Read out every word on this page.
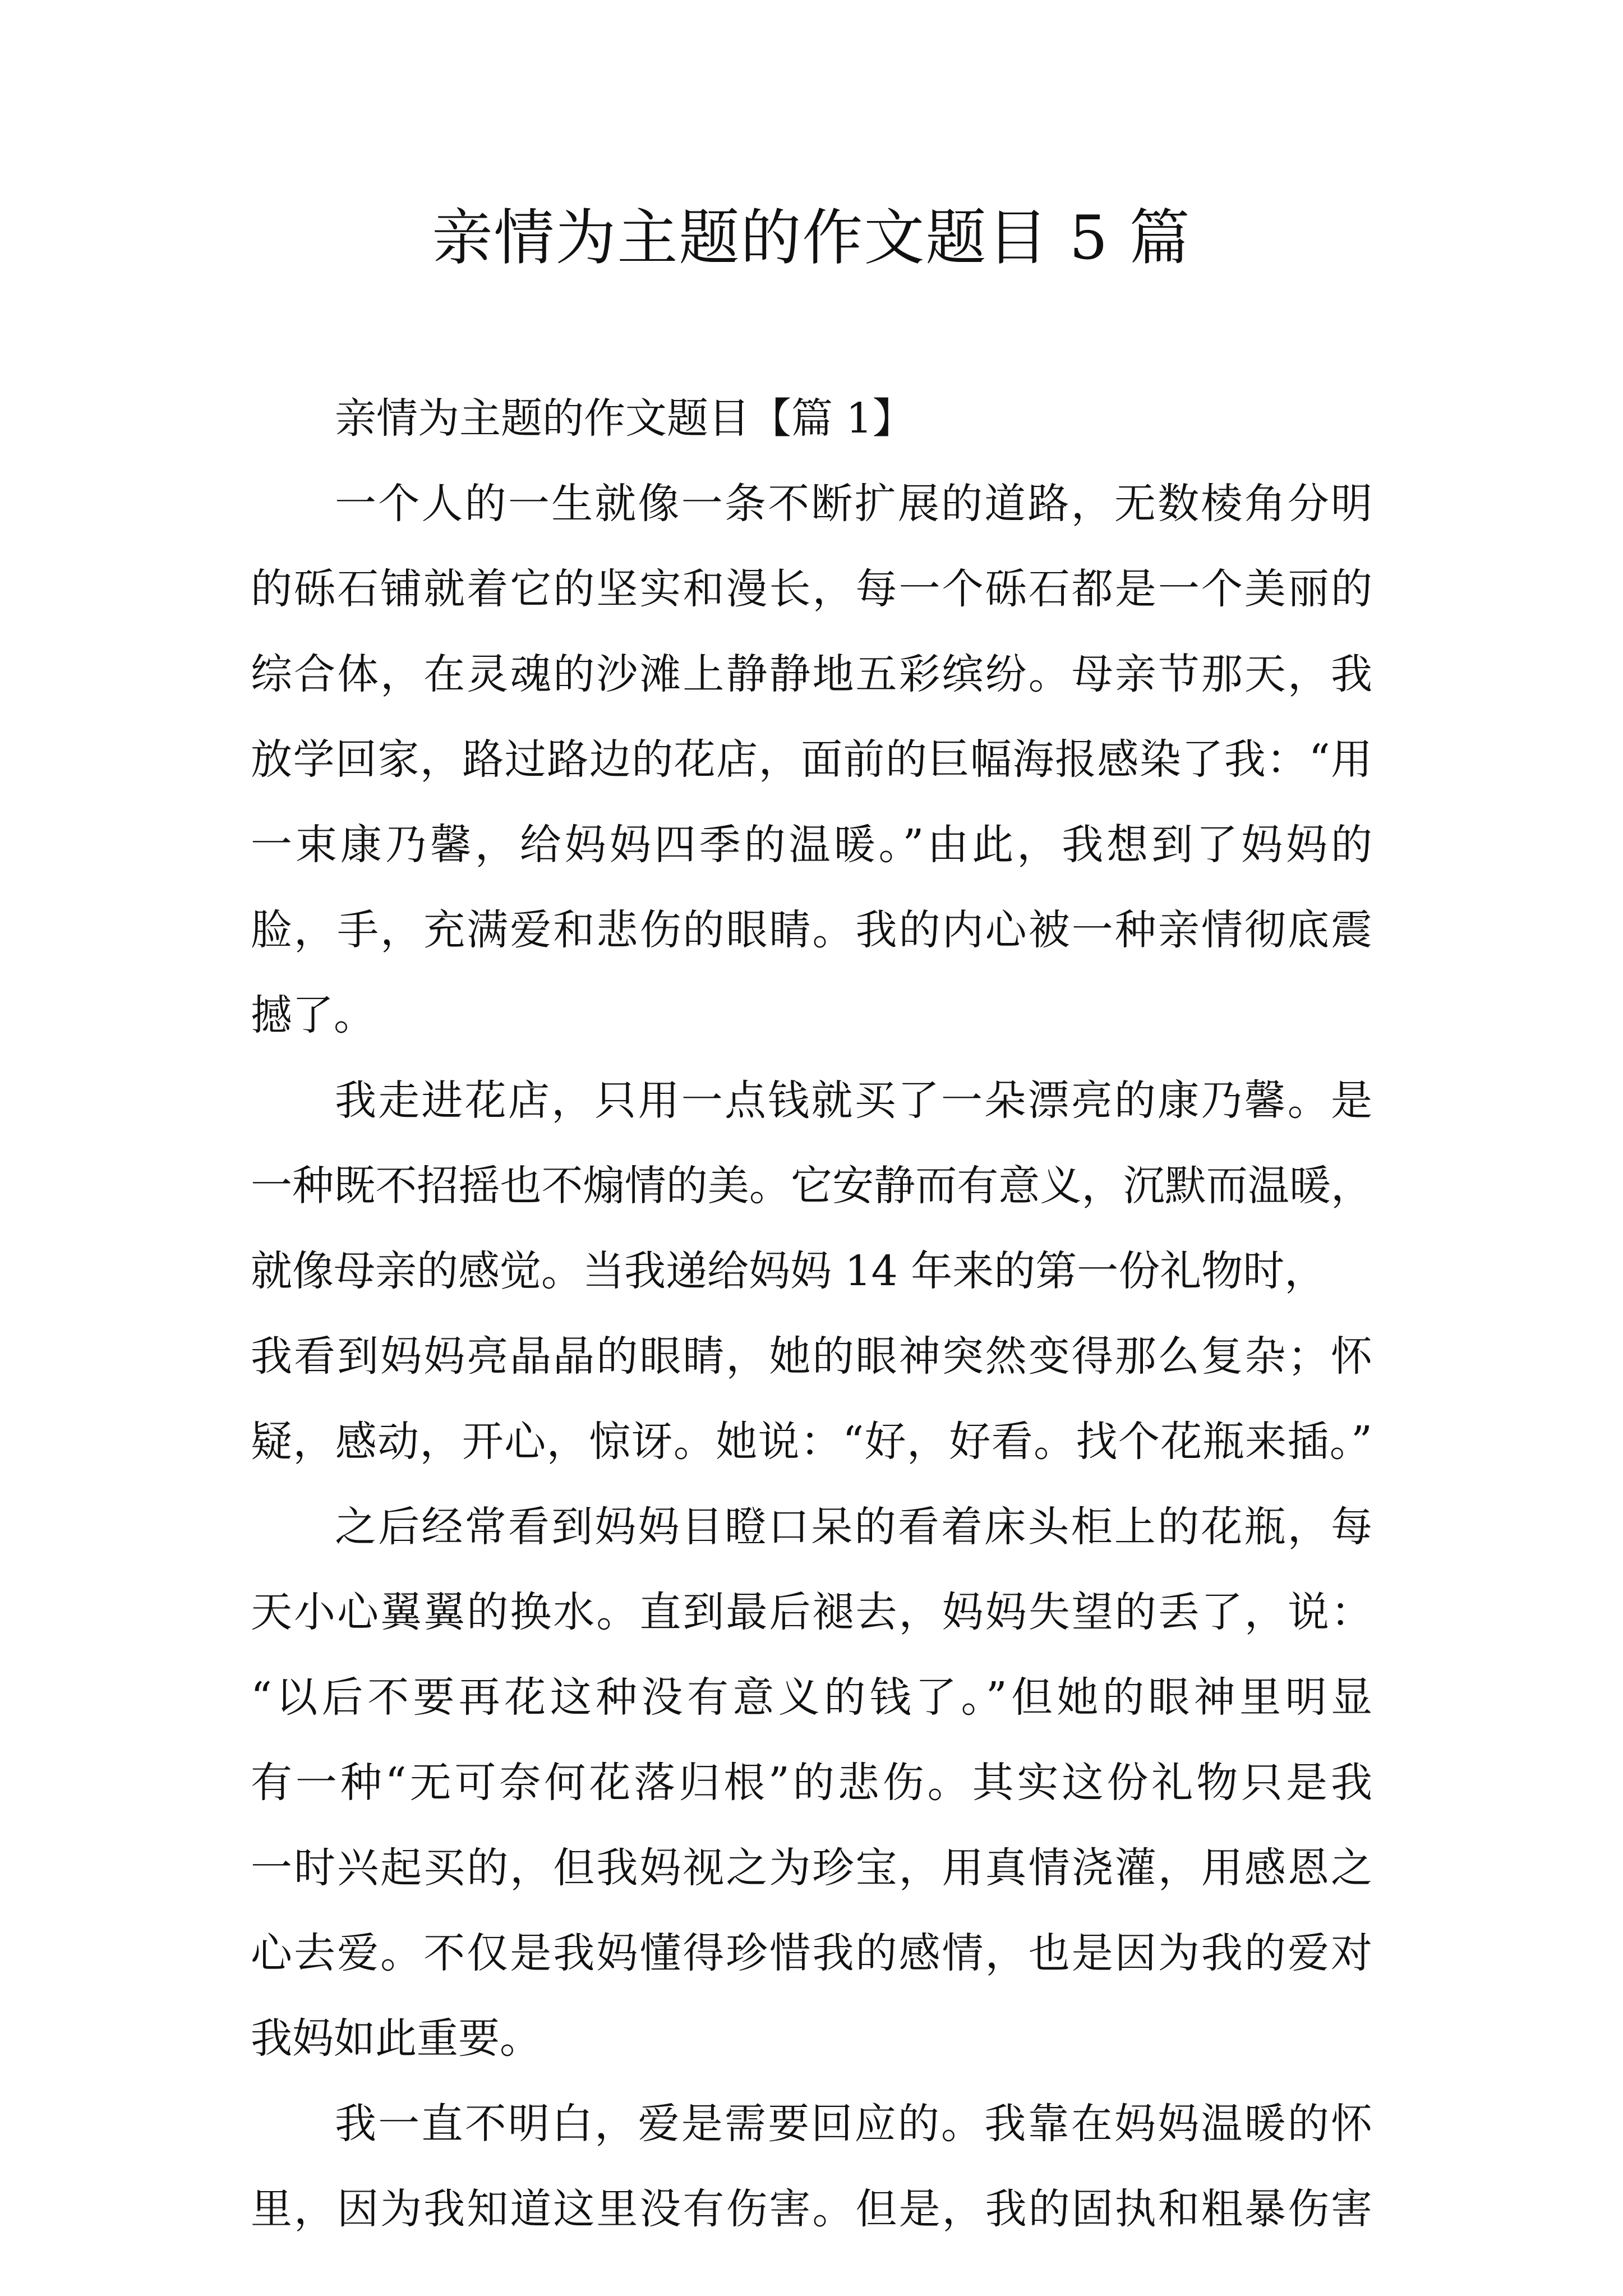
亲情为主题的作文题目 5 篇
亲情为主题的作文题目【篇 1】
一个人的一生就像一条不断扩展的道路，无数棱角分明
的砾石铺就着它的坚实和漫长，每一个砾石都是一个美丽的
综合体，在灵魂的沙滩上静静地五彩缤纷。母亲节那天，我
放学回家，路过路边的花店，面前的巨幅海报感染了我：“用
一束康乃馨，给妈妈四季的温暖。”由此，我想到了妈妈的
脸，手，充满爱和悲伤的眼睛。我的内心被一种亲情彻底震
撼了。
我走进花店，只用一点钱就买了一朵漂亮的康乃馨。是
一种既不招摇也不煽情的美。它安静而有意义，沉默而温暖，
就像母亲的感觉。当我递给妈妈 14 年来的第一份礼物时，
我看到妈妈亮晶晶的眼睛，她的眼神突然变得那么复杂；怀
疑，感动，开心，惊讶。她说：“好，好看。找个花瓶来插。”
之后经常看到妈妈目瞪口呆的看着床头柜上的花瓶，每
天小心翼翼的换水。直到最后褪去，妈妈失望的丢了，说：
“以后不要再花这种没有意义的钱了。”但她的眼神里明显
有一种“无可奈何花落归根”的悲伤。其实这份礼物只是我
一时兴起买的，但我妈视之为珍宝，用真情浇灌，用感恩之
心去爱。不仅是我妈懂得珍惜我的感情，也是因为我的爱对
我妈如此重要。
我一直不明白，爱是需要回应的。我靠在妈妈温暖的怀
里，因为我知道这里没有伤害。但是，我的固执和粗暴伤害
